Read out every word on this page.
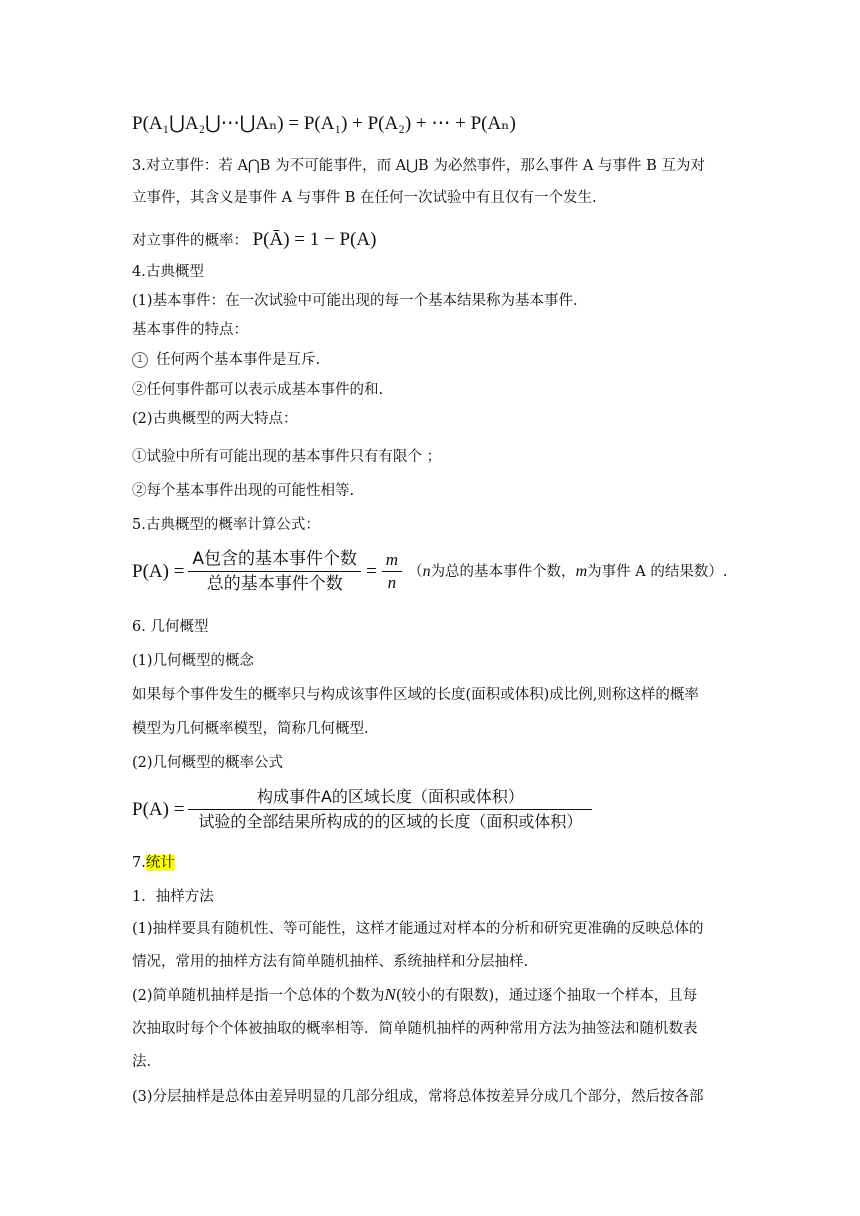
P(A₁⋃A₂⋃⋯⋃Aₙ) = P(A₁) + P(A₂) + ⋯ + P(Aₙ)
3.对立事件：若 A⋂B 为不可能事件，而 A⋃B 为必然事件，那么事件 A 与事件 B 互为对
立事件，其含义是事件 A 与事件 B 在任何一次试验中有且仅有一个发生.
对立事件的概率： P(Ā) = 1 − P(A)
4.古典概型
(1)基本事件：在一次试验中可能出现的每一个基本结果称为基本事件.
基本事件的特点：
1 任何两个基本事件是互斥.
②任何事件都可以表示成基本事件的和.
(2)古典概型的两大特点：
①试验中所有可能出现的基本事件只有有限个 ；
②每个基本事件出现的可能性相等.
5.古典概型的概率计算公式：
$P(A) = \frac{\text{A包含的基本事件个数}}{\text{总的基本事件个数}} = \frac{m}{n} (n$为总的基本事件个数，m为事件 A 的结果数）.
6. 几何概型
(1)几何概型的概念
如果每个事件发生的概率只与构成该事件区域的长度(面积或体积)成比例,则称这样的概率
模型为几何概率模型，简称几何概型.
(2)几何概型的概率公式
$P(A) = \frac{\text{构成事件A的区域长度（面积或体积）}}{\text{试验的全部结果所构成的的区域的长度（面积或体积）}}$
7.统计
1．抽样方法
(1)抽样要具有随机性、等可能性，这样才能通过对样本的分析和研究更准确的反映总体的
情况，常用的抽样方法有简单随机抽样、系统抽样和分层抽样.
(2)简单随机抽样是指一个总体的个数为N(较小的有限数)，通过逐个抽取一个样本，且每
次抽取时每个个体被抽取的概率相等．简单随机抽样的两种常用方法为抽签法和随机数表
法.
(3)分层抽样是总体由差异明显的几部分组成，常将总体按差异分成几个部分，然后按各部
